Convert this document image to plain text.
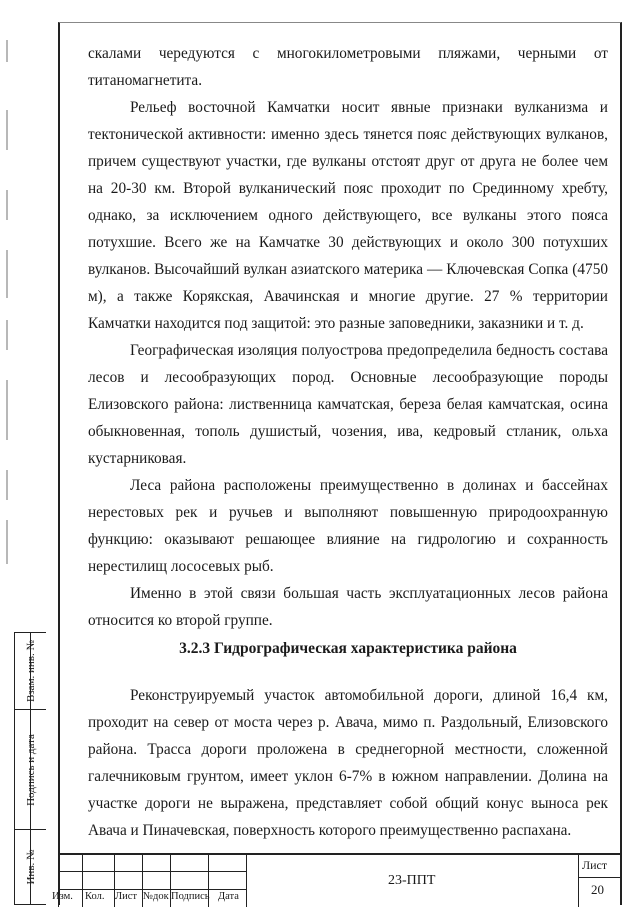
Взам. инв. №
Подпись и дата
Инв. №

скалами чередуются с многокилометровыми пляжами, черными от титаномагнетита.

Рельеф восточной Камчатки носит явные признаки вулканизма и тектонической активности: именно здесь тянется пояс действующих вулканов, причем существуют участки, где вулканы отстоят друг от друга не более чем на 20-30 км. Второй вулканический пояс проходит по Срединному хребту, однако, за исключением одного действующего, все вулканы этого пояса потухшие. Всего же на Камчатке 30 действующих и около 300 потухших вулканов. Высочайший вулкан азиатского материка — Ключевская Сопка (4750 м), а также Корякская, Авачинская и многие другие. 27 % территории Камчатки находится под защитой: это разные заповедники, заказники и т. д.

Географическая изоляция полуострова предопределила бедность состава лесов и лесообразующих пород. Основные лесообразующие породы Елизовского района: лиственница камчатская, береза белая камчатская, осина обыкновенная, тополь душистый, чозения, ива, кедровый стланик, ольха кустарниковая.

Леса района расположены преимущественно в долинах и бассейнах нерестовых рек и ручьев и выполняют повышенную природоохранную функцию: оказывают решающее влияние на гидрологию и сохранность нерестилищ лососевых рыб.

Именно в этой связи большая часть эксплуатационных лесов района относится ко второй группе.

3.2.3 Гидрографическая характеристика района

Реконструируемый участок автомобильной дороги, длиной 16,4 км, проходит на север от моста через р. Авача, мимо п. Раздольный, Елизовского района. Трасса дороги проложена в среднегорной местности, сложенной галечниковым грунтом, имеет уклон 6-7% в южном направлении. Долина на участке дороги не выражена, представляет собой общий конус выноса рек Авача и Пиначевская, поверхность которого преимущественно распахана.

Изм. Кол. Лист №док Подпись Дата
23-ППТ
Лист
20
